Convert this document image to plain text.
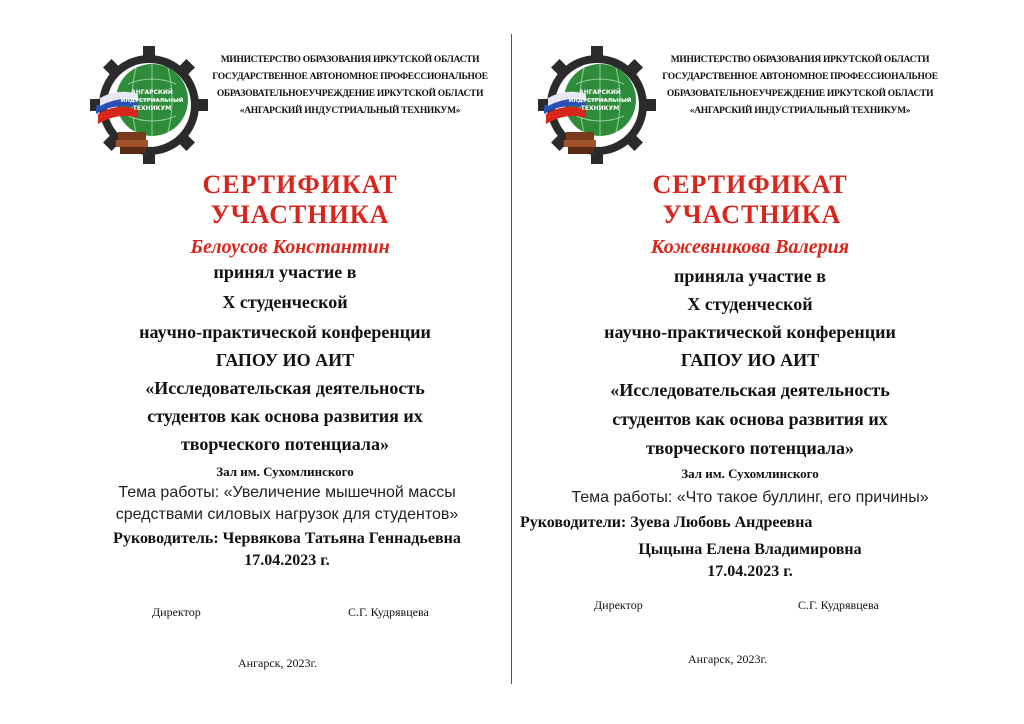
АНГАРСКИЙ
ИНДУСТРИАЛЬНЫЙ
ТЕХНИКУМ
МИНИСТЕРСТВО ОБРАЗОВАНИЯ ИРКУТСКОЙ ОБЛАСТИ
ГОСУДАРСТВЕННОЕ АВТОНОМНОЕ ПРОФЕССИОНАЛЬНОЕ
ОБРАЗОВАТЕЛЬНОЕУЧРЕЖДЕНИЕ ИРКУТСКОЙ ОБЛАСТИ
«АНГАРСКИЙ ИНДУСТРИАЛЬНЫЙ ТЕХНИКУМ»
СЕРТИФИКАТ
УЧАСТНИКА
Белоусов Константин
принял участие в
Х студенческой
научно-практической конференции
ГАПОУ ИО АИТ
«Исследовательская деятельность
студентов как основа развития их
творческого потенциала»
Зал им. Сухомлинского
Тема работы: «Увеличение мышечной массы
средствами силовых нагрузок для студентов»
Руководитель: Червякова Татьяна Геннадьевна
17.04.2023 г.
Директор	С.Г. Кудрявцева
Ангарск, 2023г.
АНГАРСКИЙ
ИНДУСТРИАЛЬНЫЙ
ТЕХНИКУМ
МИНИСТЕРСТВО ОБРАЗОВАНИЯ ИРКУТСКОЙ ОБЛАСТИ
ГОСУДАРСТВЕННОЕ АВТОНОМНОЕ ПРОФЕССИОНАЛЬНОЕ
ОБРАЗОВАТЕЛЬНОЕУЧРЕЖДЕНИЕ ИРКУТСКОЙ ОБЛАСТИ
«АНГАРСКИЙ ИНДУСТРИАЛЬНЫЙ ТЕХНИКУМ»
СЕРТИФИКАТ
УЧАСТНИКА
Кожевникова Валерия
приняла участие в
Х студенческой
научно-практической конференции
ГАПОУ ИО АИТ
«Исследовательская деятельность
студентов как основа развития их
творческого потенциала»
Зал им. Сухомлинского
Тема работы: «Что такое буллинг, его причины»
Руководители: Зуева Любовь Андреевна
Цыцына Елена Владимировна
17.04.2023 г.
Директор	С.Г. Кудрявцева
Ангарск, 2023г.
